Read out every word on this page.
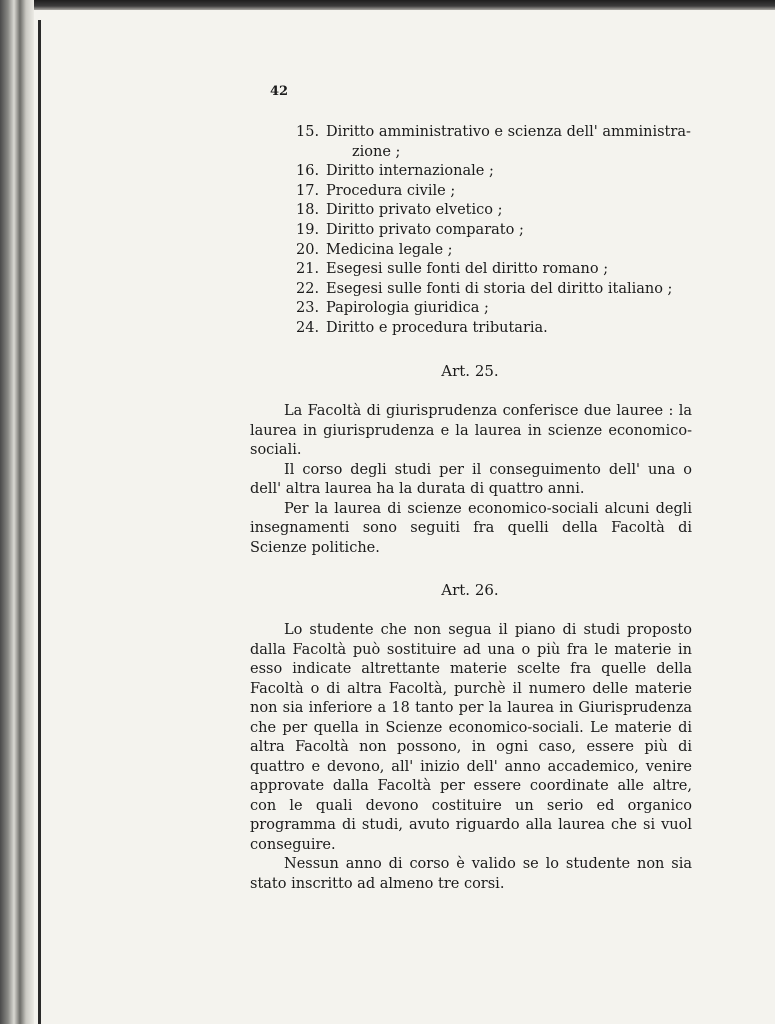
42
15. Diritto amministrativo e scienza dell' amministra-
zione ;
16. Diritto internazionale ;
17. Procedura civile ;
18. Diritto privato elvetico ;
19. Diritto privato comparato ;
20. Medicina legale ;
21. Esegesi sulle fonti del diritto romano ;
22. Esegesi sulle fonti di storia del diritto italiano ;
23. Papirologia giuridica ;
24. Diritto e procedura tributaria.
Art. 25.

La Facoltà di giurisprudenza conferisce due lauree : la laurea in giurisprudenza e la laurea in scienze economico-sociali.

Il corso degli studi per il conseguimento dell' una o dell' altra laurea ha la durata di quattro anni.

Per la laurea di scienze economico-sociali alcuni degli insegnamenti sono seguiti fra quelli della Facoltà di Scienze politiche.

Art. 26.

Lo studente che non segua il piano di studi proposto dalla Facoltà può sostituire ad una o più fra le materie in esso indicate altrettante materie scelte fra quelle della Facoltà o di altra Facoltà, purchè il numero delle materie non sia inferiore a 18 tanto per la laurea in Giurisprudenza che per quella in Scienze economico-sociali. Le materie di altra Facoltà non possono, in ogni caso, essere più di quattro e devono, all' inizio dell' anno accademico, venire approvate dalla Facoltà per essere coordinate alle altre, con le quali devono costituire un serio ed organico programma di studi, avuto riguardo alla laurea che si vuol conseguire.

Nessun anno di corso è valido se lo studente non sia stato inscritto ad almeno tre corsi.
